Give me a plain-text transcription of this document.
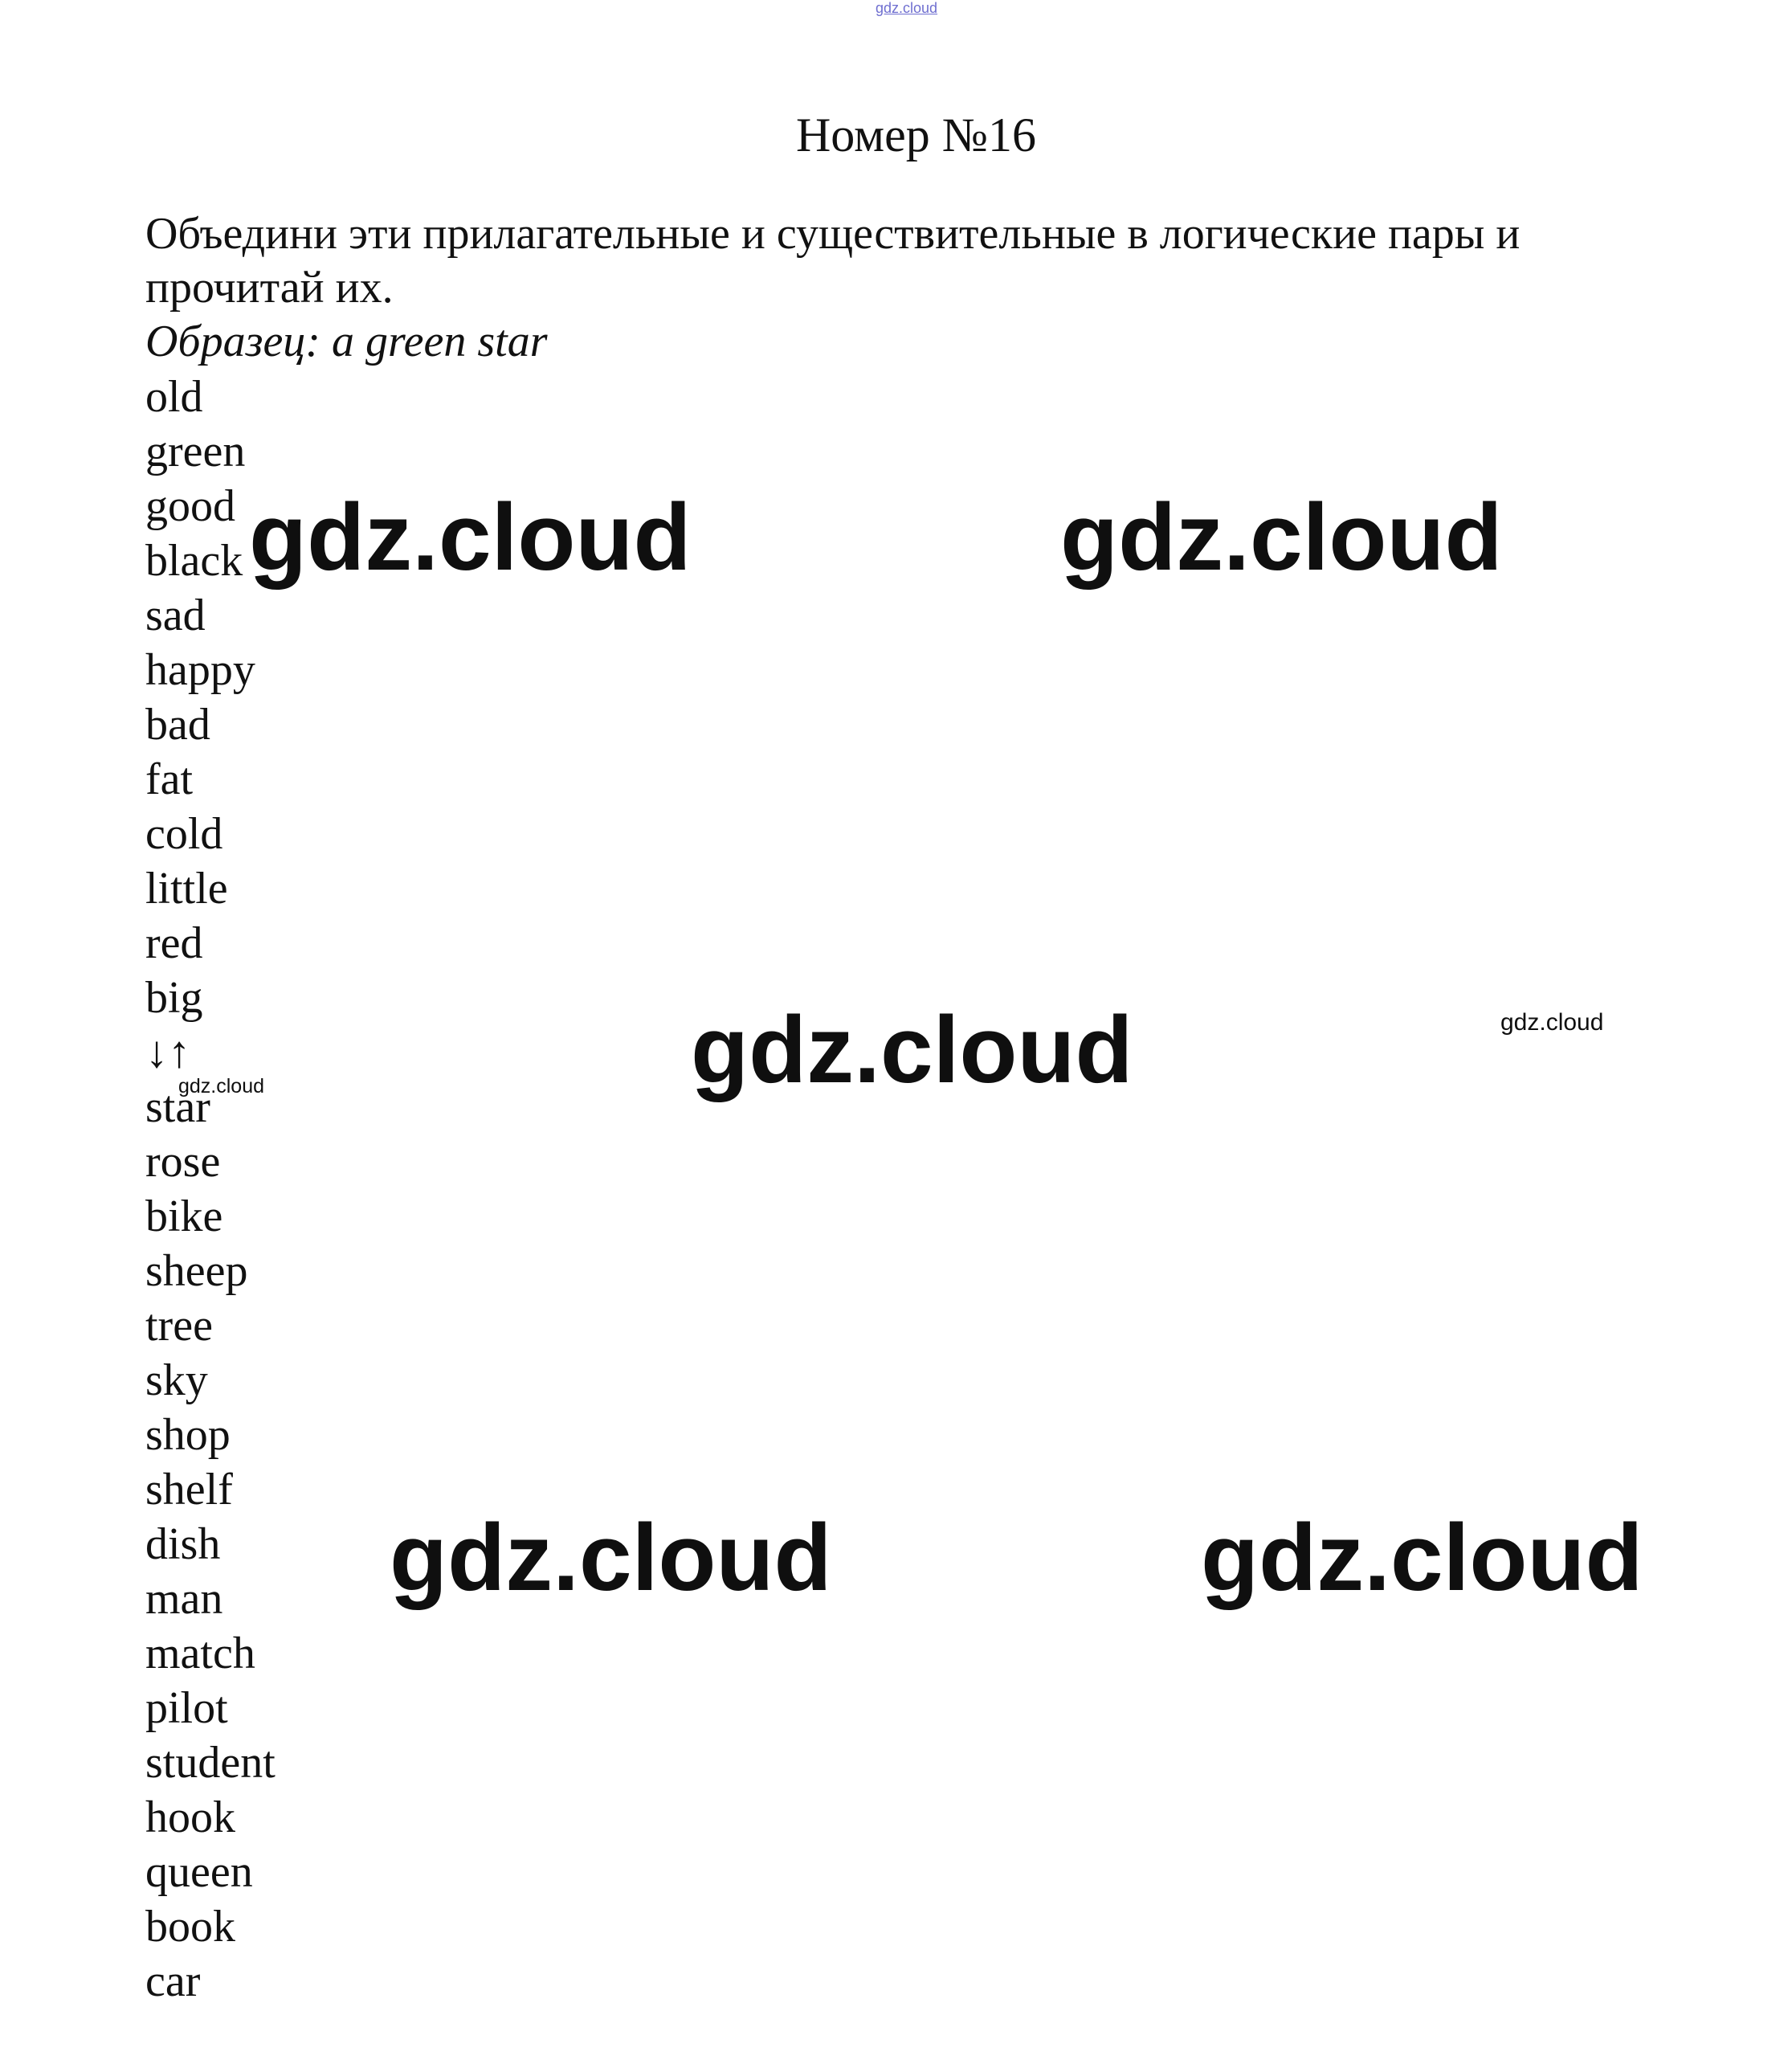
gdz.cloud
Номер №16
Объедини эти прилагательные и существительные в логические пары и прочитай их.
Образец: a green star
old
green
good
black
sad
happy
bad
fat
cold
little
red
big
↓↑
star
rose
bike
sheep
tree
sky
shop
shelf
dish
man
match
pilot
student
hook
queen
book
car
gdz.cloud	gdz.cloud
gdz.cloud	gdz.cloud
gdz.cloud
gdz.cloud	gdz.cloud
